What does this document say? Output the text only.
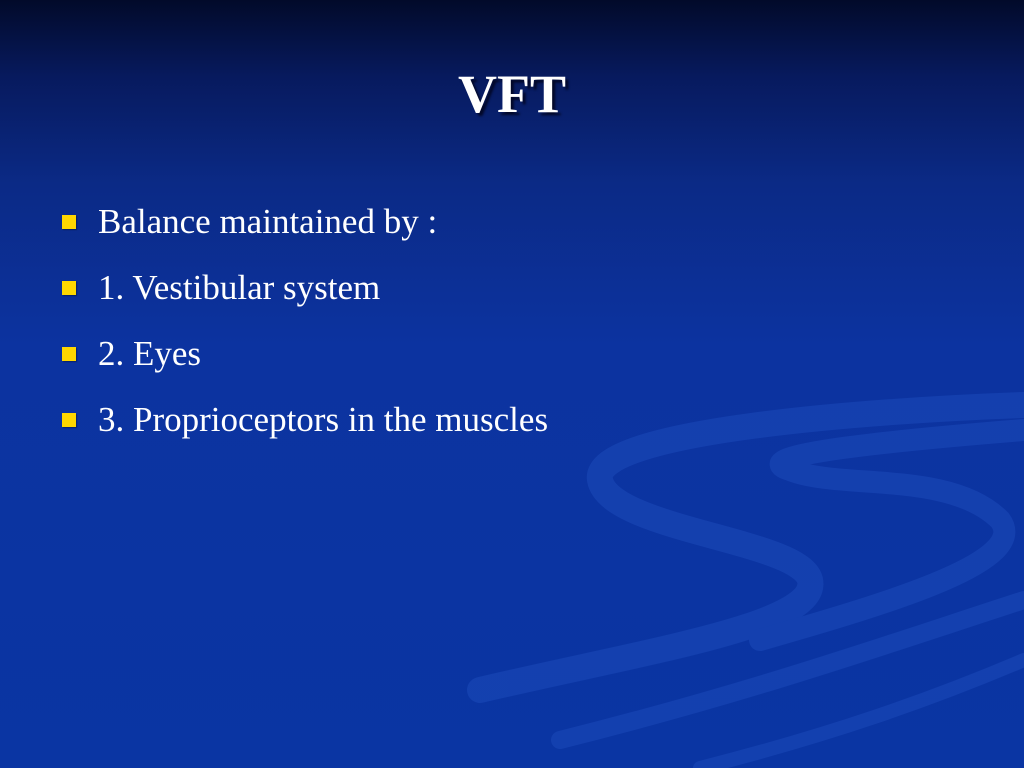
VFT
Balance maintained by :
1. Vestibular system
2. Eyes
3. Proprioceptors in the muscles
